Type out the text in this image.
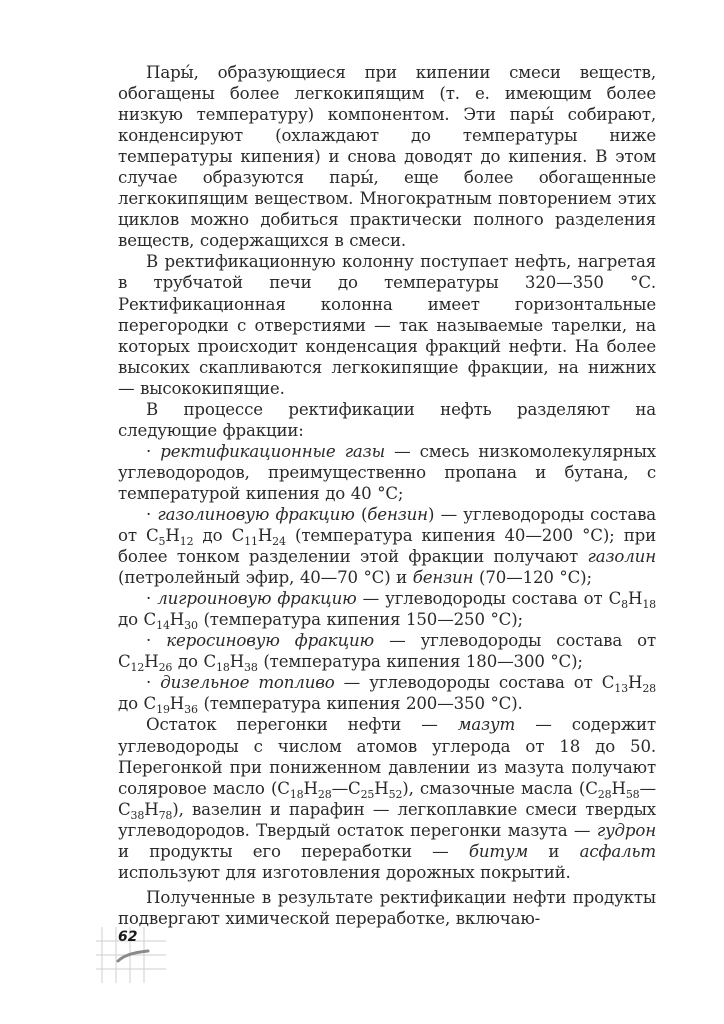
Пары́, образующиеся при кипении смеси веществ, обогащены более легкокипящим (т. е. имеющим более низкую температуру) компонентом. Эти пары́ собирают, конденсируют (охлаждают до температуры ниже температуры кипения) и снова доводят до кипения. В этом случае образуются пары́, еще более обогащенные легкокипящим веществом. Многократным повторением этих циклов можно добиться практически полного разделения веществ, содержащихся в смеси.

В ректификационную колонну поступает нефть, нагретая в трубчатой печи до температуры 320—350 °С. Ректификационная колонна имеет горизонтальные перегородки с отверстиями — так называемые тарелки, на которых происходит конденсация фракций нефти. На более высоких скапливаются легкокипящие фракции, на нижних — высококипящие.

В процессе ректификации нефть разделяют на следующие фракции:

· ректификационные газы — смесь низкомолекулярных углеводородов, преимущественно пропана и бутана, с температурой кипения до 40 °С;

· газолиновую фракцию (бензин) — углеводороды состава от $С_5Н_{12}$ до $С_{11}Н_{24}$ (температура кипения 40—200 °С); при более тонком разделении этой фракции получают газолин (петролейный эфир, 40—70 °С) и бензин (70—120 °С);

· лигроиновую фракцию — углеводороды состава от $С_8Н_{18}$ до $С_{14}Н_{30}$ (температура кипения 150—250 °С);

· керосиновую фракцию — углеводороды состава от $С_{12}Н_{26}$ до $С_{18}Н_{38}$ (температура кипения 180—300 °С);

· дизельное топливо — углеводороды состава от $С_{13}Н_{28}$ до $С_{19}Н_{36}$ (температура кипения 200—350 °С).

Остаток перегонки нефти — мазут — содержит углеводороды с числом атомов углерода от 18 до 50. Перегонкой при пониженном давлении из мазута получают соляровое масло $(С_{18}Н_{28}—С_{25}Н_{52})$, смазочные масла $(С_{28}Н_{58}—С_{38}Н_{78})$, вазелин и парафин — легкоплавкие смеси твердых углеводородов. Твердый остаток перегонки мазута — гудрон и продукты его переработки — битум и асфальт используют для изготовления дорожных покрытий.

Полученные в результате ректификации нефти продукты подвергают химической переработке, включаю-

62
